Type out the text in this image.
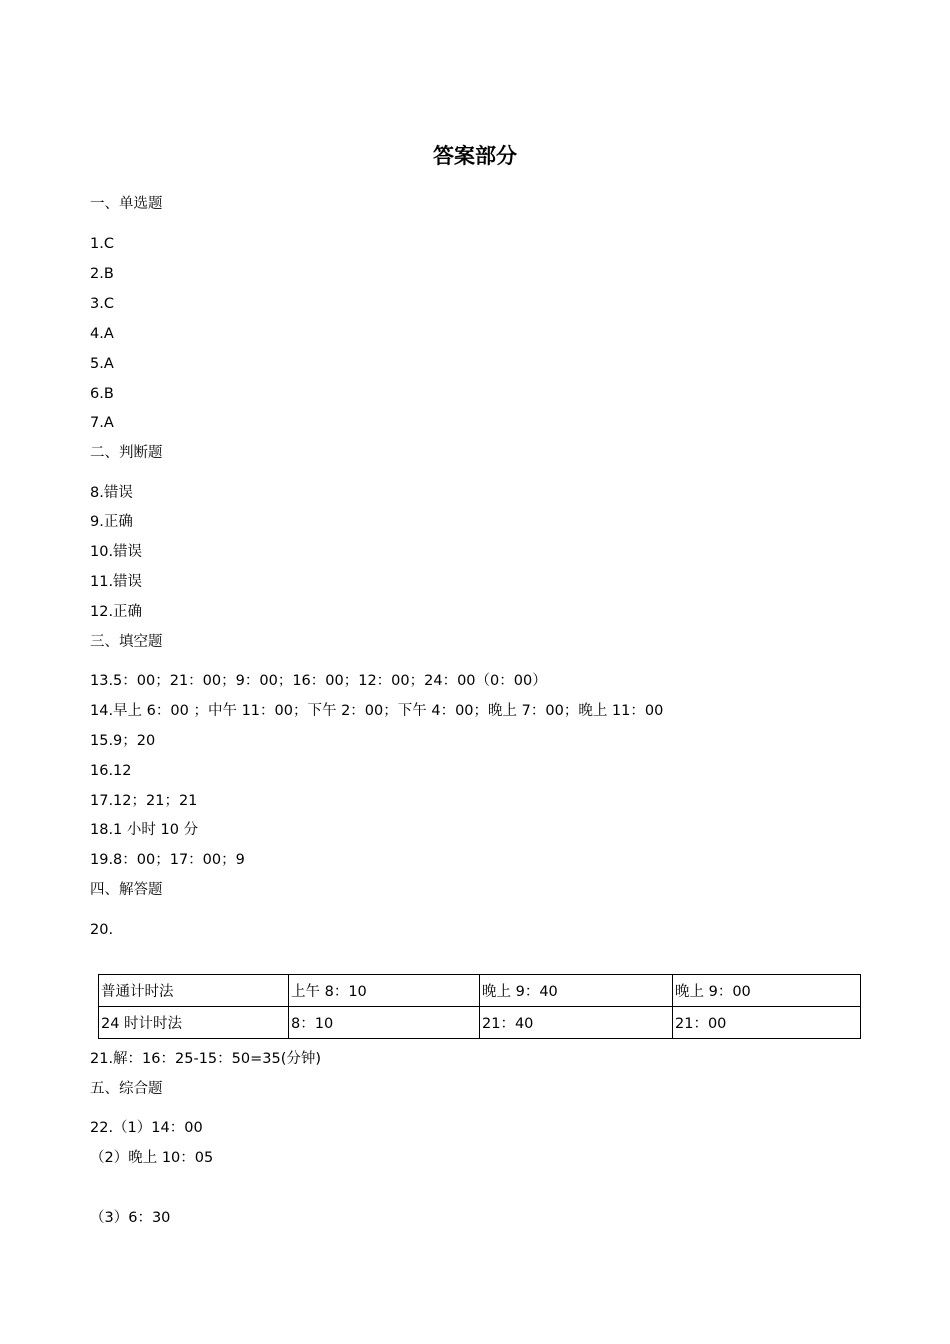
答案部分
一、单选题
1.C
2.B
3.C
4.A
5.A
6.B
7.A
二、判断题
8.错误
9.正确
10.错误
11.错误
12.正确
三、填空题
13.5：00；21：00；9：00；16：00；12：00；24：00（0：00）
14.早上 6：00 ；中午 11：00；下午 2：00；下午 4：00；晚上 7：00；晚上 11：00
15.9；20
16.12
17.12；21；21
18.1 小时 10 分
19.8：00；17：00；9
四、解答题
20.
普通计时法	上午 8：10	晚上 9：40	晚上 9：00
24 时计时法	8：10	21：40	21：00
21.解：16：25-15：50=35(分钟)
五、综合题
22.（1）14：00
（2）晚上 10：05
（3）6：30
